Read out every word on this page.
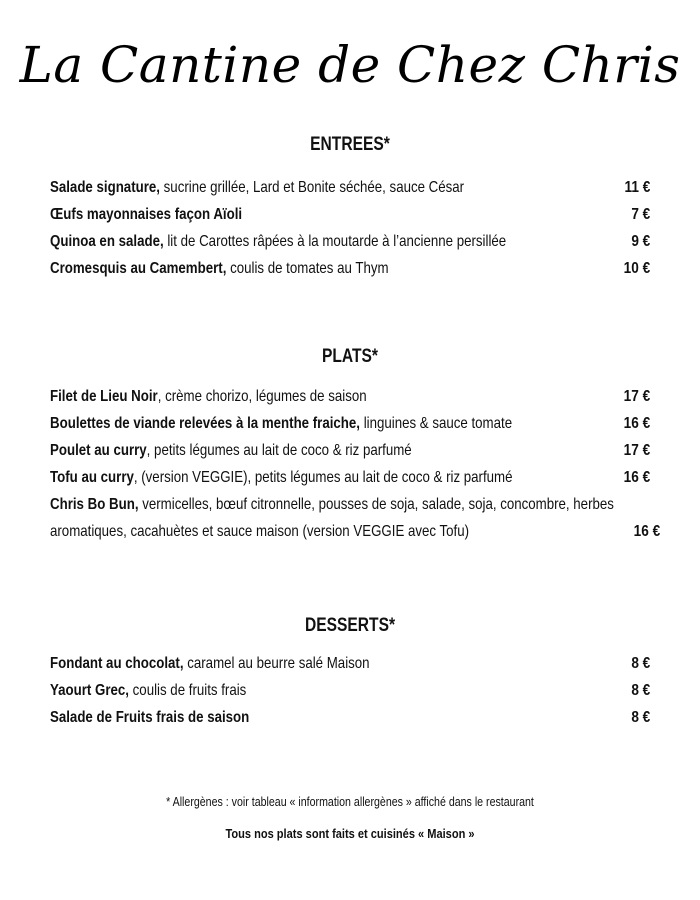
La Cantine de Chez Chris
ENTREES*
Salade signature, sucrine grillée, Lard et Bonite séchée, sauce César	11 €
Œufs mayonnaises façon Aïoli	7 €
Quinoa en salade, lit de Carottes râpées à la moutarde à l’ancienne persillée	9 €
Cromesquis au Camembert, coulis de tomates au Thym	10 €
PLATS*
Filet de Lieu Noir, crème chorizo, légumes de saison	17 €
Boulettes de viande relevées à la menthe fraiche, linguines & sauce tomate	16 €
Poulet au curry, petits légumes au lait de coco & riz parfumé	17 €
Tofu au curry, (version VEGGIE), petits légumes au lait de coco & riz parfumé	16 €
Chris Bo Bun, vermicelles, bœuf citronnelle, pousses de soja, salade, soja, concombre, herbes aromatiques, cacahuètes et sauce maison (version VEGGIE avec Tofu)	16 €
DESSERTS*
Fondant au chocolat, caramel au beurre salé Maison	8 €
Yaourt Grec, coulis de fruits frais	8 €
Salade de Fruits frais de saison	8 €
* Allergènes : voir tableau « information allergènes » affiché dans le restaurant
Tous nos plats sont faits et cuisinés « Maison »
